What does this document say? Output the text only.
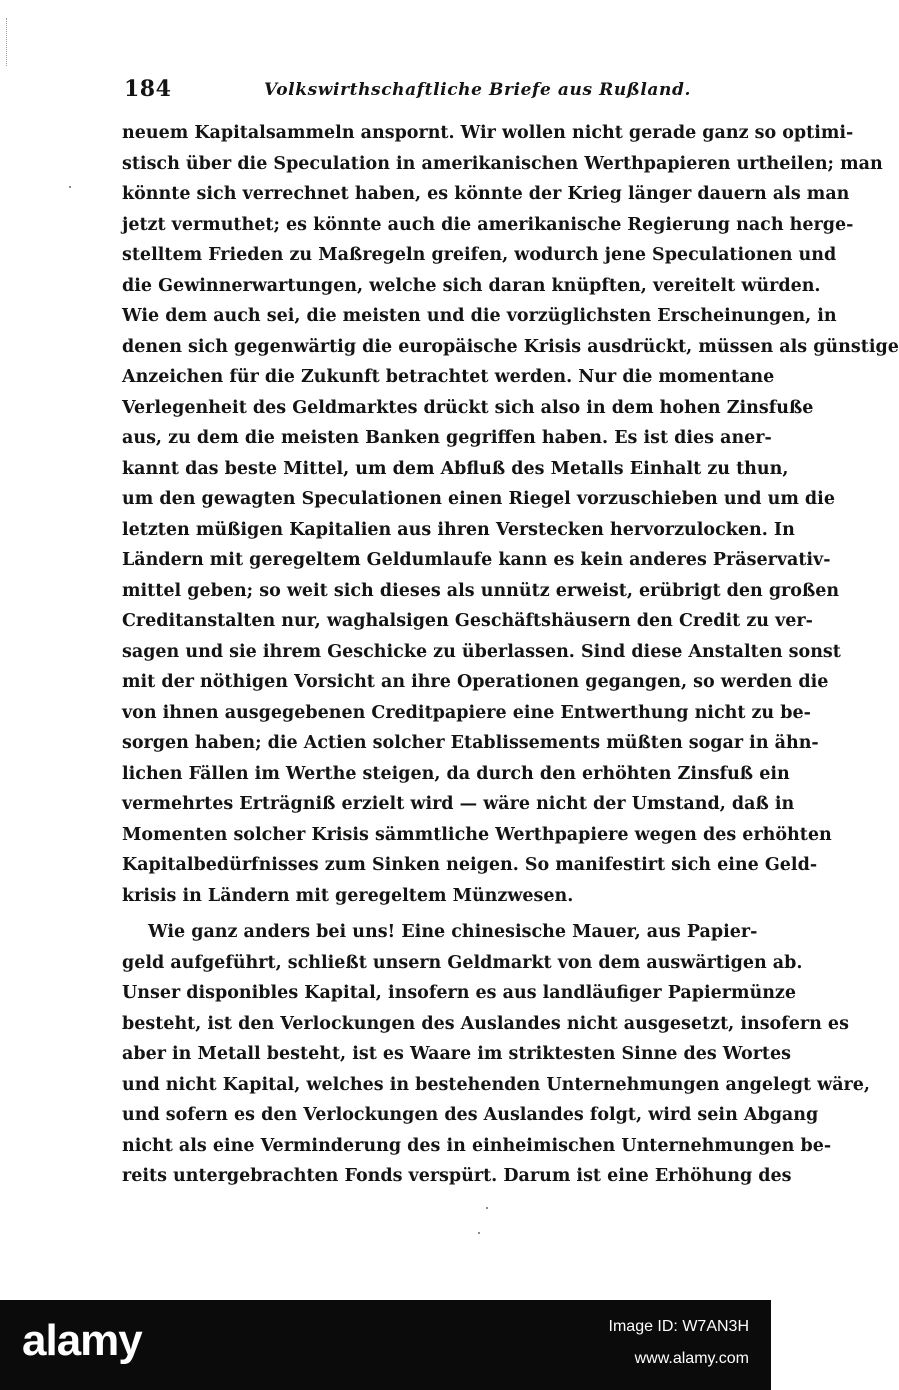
184	Volkswirthschaftliche Briefe aus Rußland.
neuem Kapitalsammeln anspornt. Wir wollen nicht gerade ganz so optimi-
stisch über die Speculation in amerikanischen Werthpapieren urtheilen; man
könnte sich verrechnet haben, es könnte der Krieg länger dauern als man
jetzt vermuthet; es könnte auch die amerikanische Regierung nach herge-
stelltem Frieden zu Maßregeln greifen, wodurch jene Speculationen und
die Gewinnerwartungen, welche sich daran knüpften, vereitelt würden.
Wie dem auch sei, die meisten und die vorzüglichsten Erscheinungen, in
denen sich gegenwärtig die europäische Krisis ausdrückt, müssen als günstige
Anzeichen für die Zukunft betrachtet werden. Nur die momentane
Verlegenheit des Geldmarktes drückt sich also in dem hohen Zinsfuße
aus, zu dem die meisten Banken gegriffen haben. Es ist dies aner-
kannt das beste Mittel, um dem Abfluß des Metalls Einhalt zu thun,
um den gewagten Speculationen einen Riegel vorzuschieben und um die
letzten müßigen Kapitalien aus ihren Verstecken hervorzulocken. In
Ländern mit geregeltem Geldumlaufe kann es kein anderes Präservativ-
mittel geben; so weit sich dieses als unnütz erweist, erübrigt den großen
Creditanstalten nur, waghalsigen Geschäftshäusern den Credit zu ver-
sagen und sie ihrem Geschicke zu überlassen. Sind diese Anstalten sonst
mit der nöthigen Vorsicht an ihre Operationen gegangen, so werden die
von ihnen ausgegebenen Creditpapiere eine Entwerthung nicht zu be-
sorgen haben; die Actien solcher Etablissements müßten sogar in ähn-
lichen Fällen im Werthe steigen, da durch den erhöhten Zinsfuß ein
vermehrtes Erträgniß erzielt wird — wäre nicht der Umstand, daß in
Momenten solcher Krisis sämmtliche Werthpapiere wegen des erhöhten
Kapitalbedürfnisses zum Sinken neigen. So manifestirt sich eine Geld-
krisis in Ländern mit geregeltem Münzwesen.
Wie ganz anders bei uns! Eine chinesische Mauer, aus Papier-
geld aufgeführt, schließt unsern Geldmarkt von dem auswärtigen ab.
Unser disponibles Kapital, insofern es aus landläufiger Papiermünze
besteht, ist den Verlockungen des Auslandes nicht ausgesetzt, insofern es
aber in Metall besteht, ist es Waare im striktesten Sinne des Wortes
und nicht Kapital, welches in bestehenden Unternehmungen angelegt wäre,
und sofern es den Verlockungen des Auslandes folgt, wird sein Abgang
nicht als eine Verminderung des in einheimischen Unternehmungen be-
reits untergebrachten Fonds verspürt. Darum ist eine Erhöhung des
alamy	Image ID: W7AN3H
www.alamy.com
